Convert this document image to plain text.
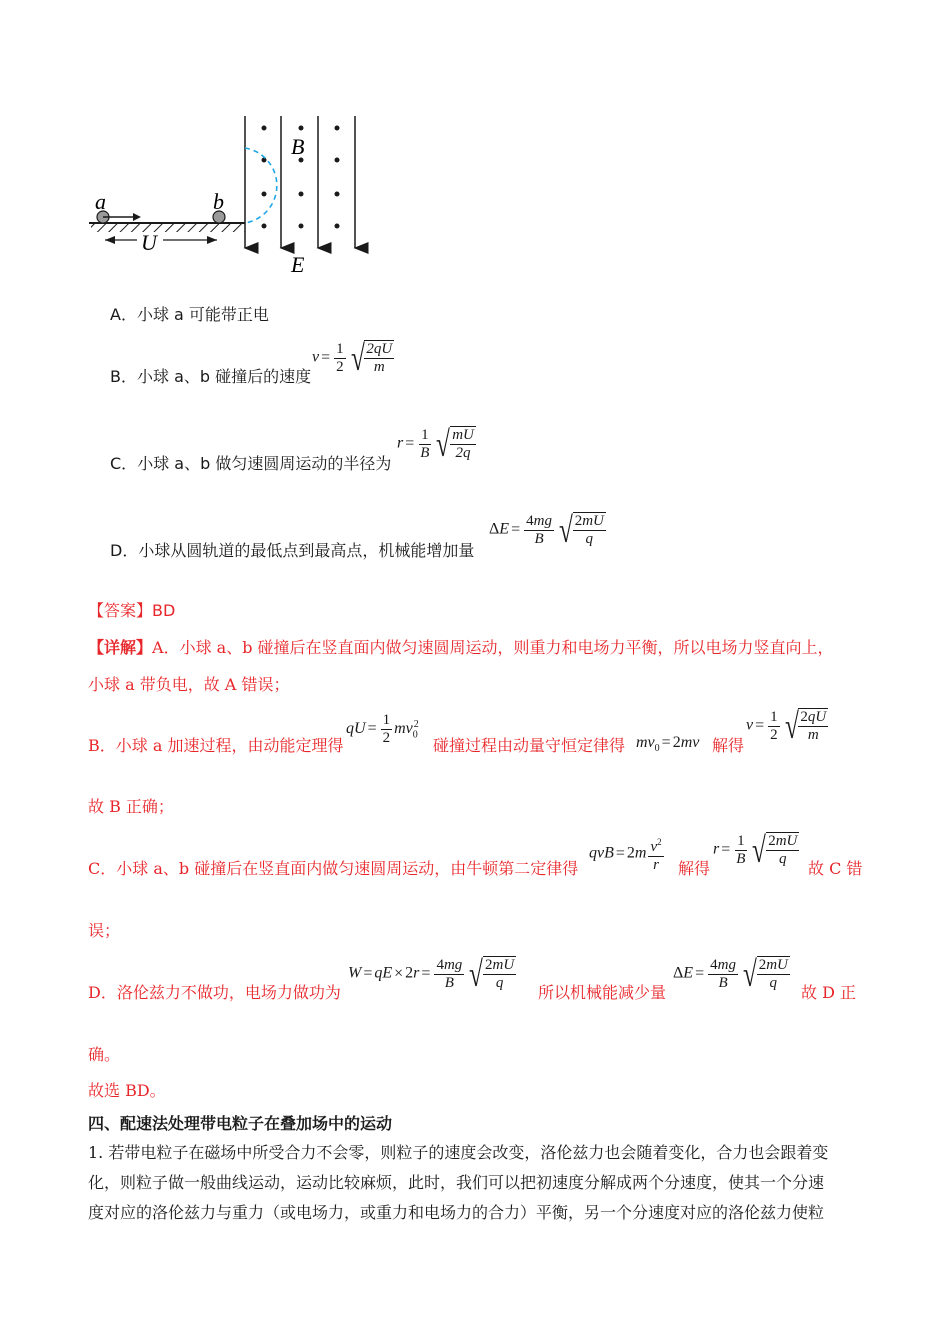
U
a	b
B
E
A．小球 a 可能带正电
B．小球 a、b 碰撞后的速度
$v = \frac{1}{2}$ √ $\frac{2qU}{m}$
C．小球 a、b 做匀速圆周运动的半径为
$r = \frac{1}{B}$ √ $\frac{mU}{2q}$
D．小球从圆轨道的最低点到最高点，机械能增加量
$\Delta E = \frac{4mg}{B}$ √ $\frac{2mU}{q}$
【答案】BD
【详解】A．小球 a、b 碰撞后在竖直面内做匀速圆周运动，则重力和电场力平衡，所以电场力竖直向上，
小球 a 带负电，故 A 错误；
B．小球 a 加速过程，由动能定理得
qU = $\frac{1}{2} mv_0^2$
碰撞过程由动量守恒定律得 $mv_0 = 2mv$ 解得
$v = \frac{1}{2}$ √ $\frac{2qU}{m}$
故 B 正确；
C．小球 a、b 碰撞后在竖直面内做匀速圆周运动，由牛顿第二定律得
qvB = $2m \frac{v^2}{r}$ 解得
$r = \frac{1}{B}$ √ $\frac{2mU}{q}$
故 C 错
误；
D．洛伦兹力不做功，电场力做功为
W = qE × $2r = \frac{4mg}{B}$ √ $\frac{2mU}{q}$
所以机械能减少量
$\Delta E = \frac{4mg}{B}$ √ $\frac{2mU}{q}$
故 D 正
确。
故选 BD。
四、配速法处理带电粒子在叠加场中的运动
1. 若带电粒子在磁场中所受合力不会零，则粒子的速度会改变，洛伦兹力也会随着变化，合力也会跟着变
化，则粒子做一般曲线运动，运动比较麻烦，此时，我们可以把初速度分解成两个分速度，使其一个分速
度对应的洛伦兹力与重力（或电场力，或重力和电场力的合力）平衡，另一个分速度对应的洛伦兹力使粒
